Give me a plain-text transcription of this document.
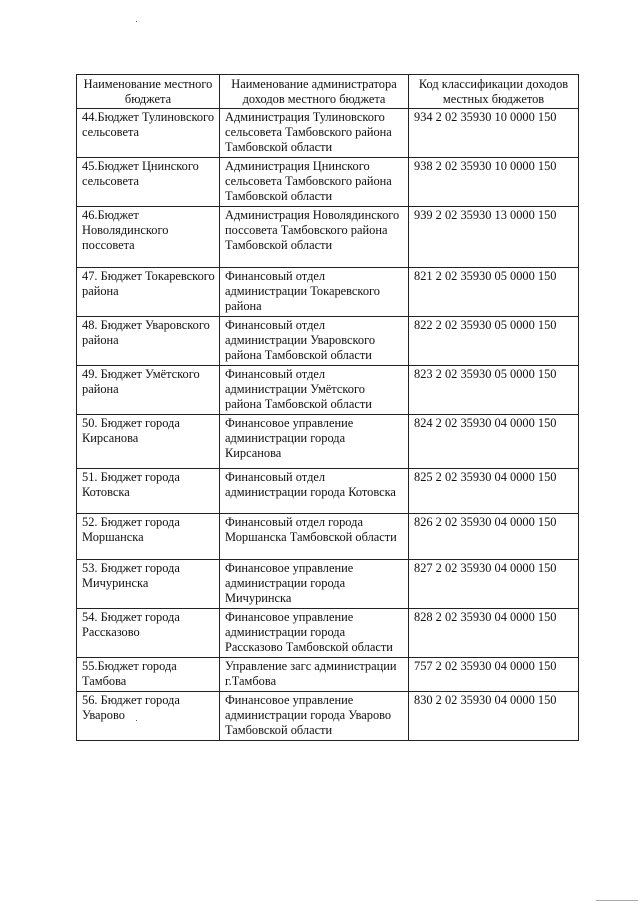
Наименование местного бюджета	Наименование администратора доходов местного бюджета	Код классификации доходов местных бюджетов
44.Бюджет Тулиновского сельсовета	Администрация Тулиновского сельсовета Тамбовского района Тамбовской области	934 2 02 35930 10 0000 150
45.Бюджет Цнинского сельсовета	Администрация Цнинского сельсовета Тамбовского района Тамбовской области	938 2 02 35930 10 0000 150
46.Бюджет Новолядинского поссовета	Администрация Новолядинского поссовета Тамбовского района Тамбовской области	939 2 02 35930 13 0000 150
47. Бюджет Токаревского района	Финансовый отдел администрации Токаревского района	821 2 02 35930 05 0000 150
48. Бюджет Уваровского района	Финансовый отдел администрации Уваровского района Тамбовской области	822 2 02 35930 05 0000 150
49. Бюджет Умётского района	Финансовый отдел администрации Умётского района Тамбовской области	823 2 02 35930 05 0000 150
50. Бюджет города Кирсанова	Финансовое управление администрации города Кирсанова	824 2 02 35930 04 0000 150
51. Бюджет города Котовска	Финансовый отдел администрации города Котовска	825 2 02 35930 04 0000 150
52. Бюджет города Моршанска	Финансовый отдел города Моршанска Тамбовской области	826 2 02 35930 04 0000 150
53. Бюджет города Мичуринска	Финансовое управление администрации города Мичуринска	827 2 02 35930 04 0000 150
54. Бюджет города Рассказово	Финансовое управление администрации города Рассказово Тамбовской области	828 2 02 35930 04 0000 150
55.Бюджет города Тамбова	Управление загс администрации г.Тамбова	757 2 02 35930 04 0000 150
56. Бюджет города Уварово	Финансовое управление администрации города Уварово Тамбовской области	830 2 02 35930 04 0000 150
